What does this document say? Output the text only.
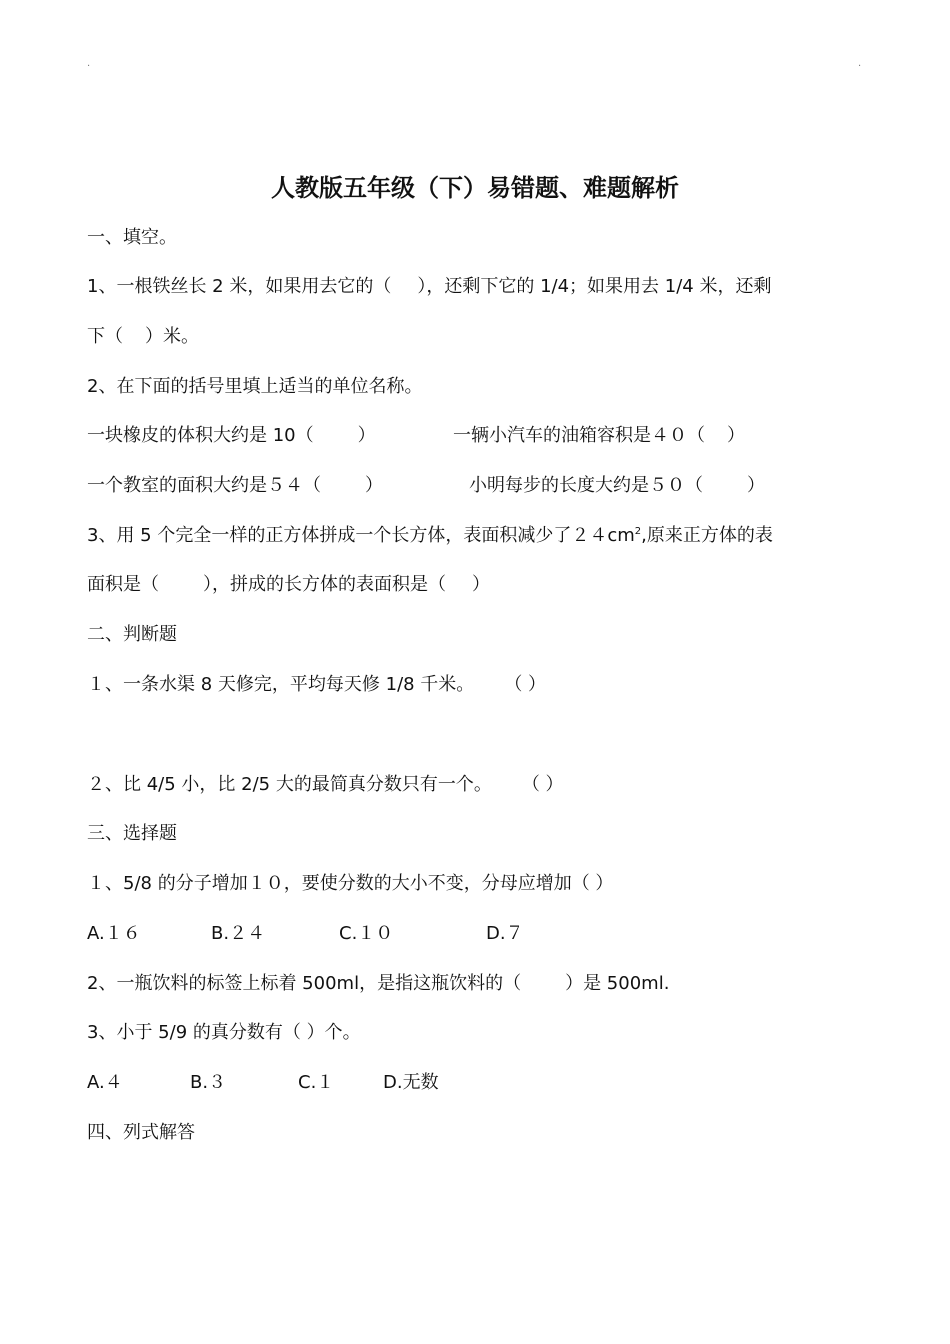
·	·
人教版五年级（下）易错题、难题解析
一、填空。
1、一根铁丝长 2 米，如果用去它的（ ），还剩下它的 1/4；如果用去 1/4 米，还剩
下（ ）米。
2、在下面的括号里填上适当的单位名称。
一块橡皮的体积大约是 10（ ）	一辆小汽车的油箱容积是４０（ ）
一个教室的面积大约是５４（ ）	小明每步的长度大约是５０（ ）
3、用 5 个完全一样的正方体拼成一个长方体，表面积减少了$24cm^2$,原来正方体的表
面积是（ ），拼成的长方体的表面积是（ ）
二、判断题
１、一条水渠 8 天修完，平均每天修 1/8 千米。 （ ）
２、比 4/5 小，比 2/5 大的最简真分数只有一个。 （ ）
三、选择题
１、5/8 的分子增加１０，要使分数的大小不变，分母应增加（ ）
A.１６	B.２４	C.１０	D.７
2、一瓶饮料的标签上标着 500ml，是指这瓶饮料的（ ）是 500ml.
3、小于 5/9 的真分数有（ ）个。
A.４	B.３	C.１	D.无数
四、列式解答
